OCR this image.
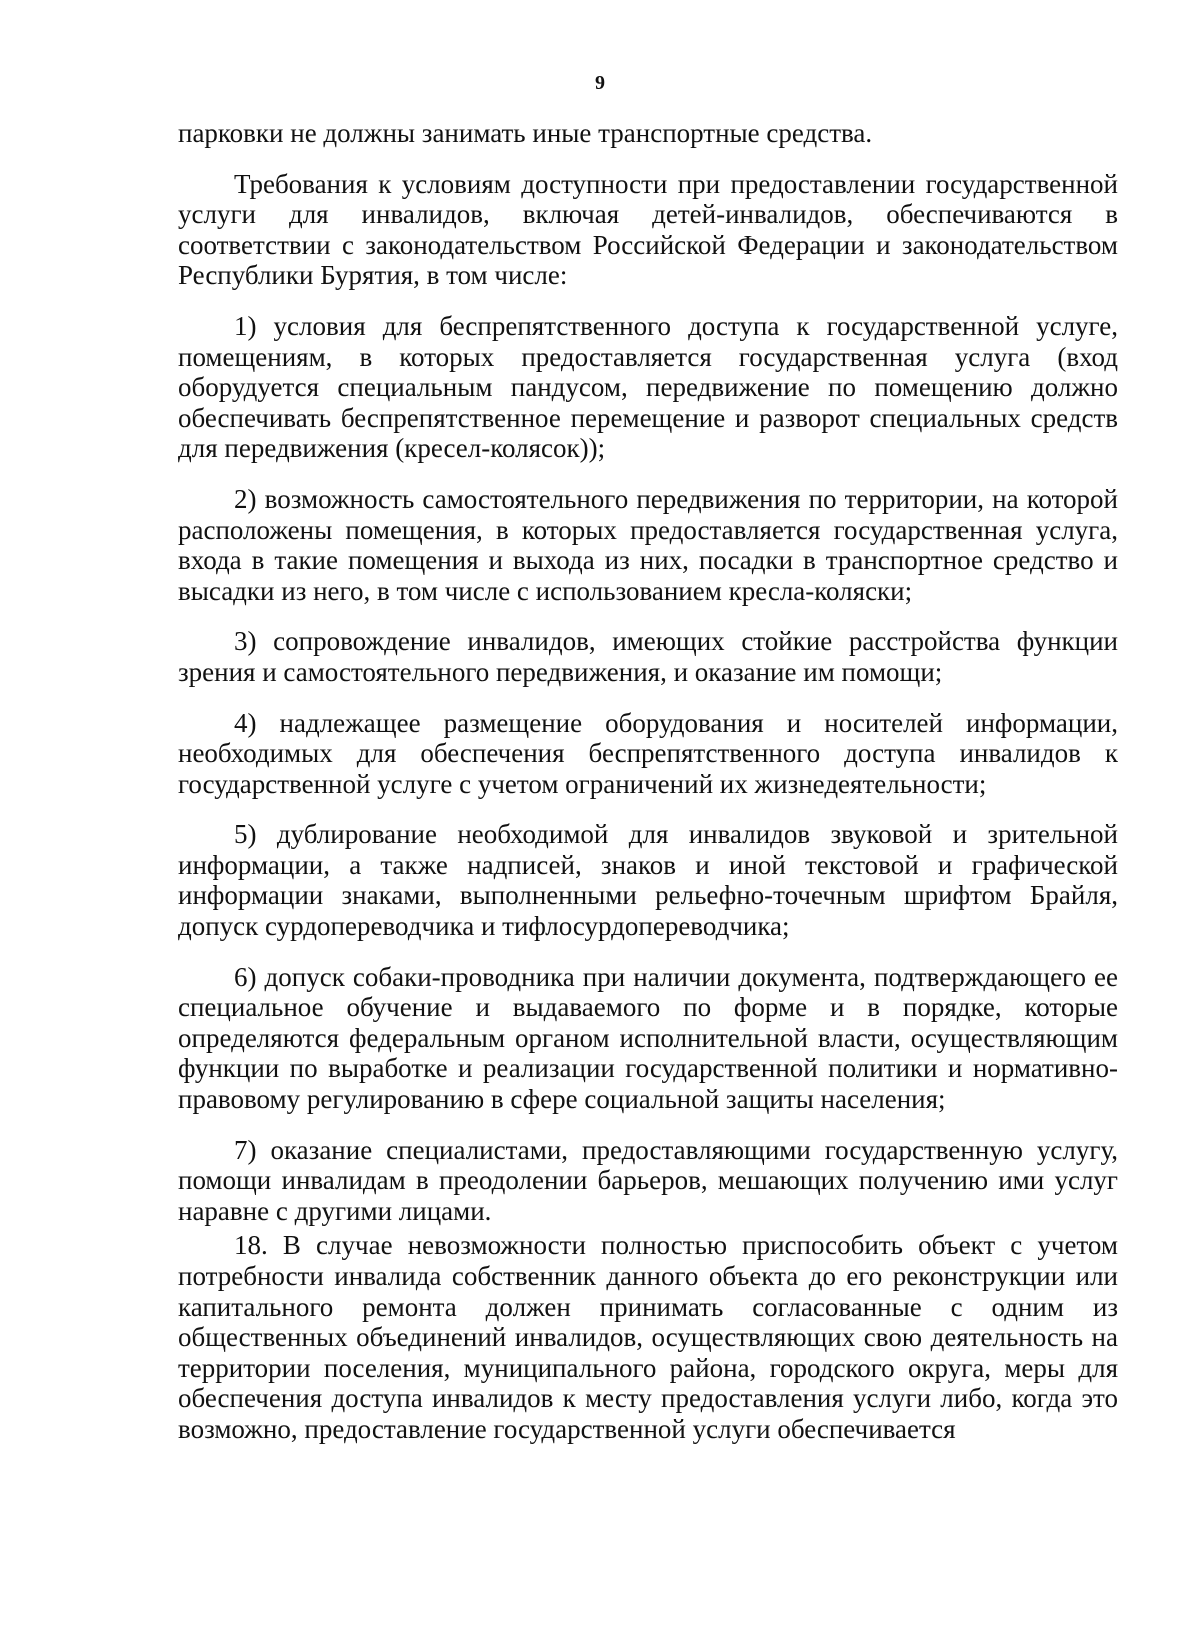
9

парковки не должны занимать иные транспортные средства.

Требования к условиям доступности при предоставлении государственной услуги для инвалидов, включая детей-инвалидов, обеспечиваются в соответствии с законодательством Российской Федерации и законодательством Республики Бурятия, в том числе:

1) условия для беспрепятственного доступа к государственной услуге, помещениям, в которых предоставляется государственная услуга (вход оборудуется специальным пандусом, передвижение по помещению должно обеспечивать беспрепятственное перемещение и разворот специальных средств для передвижения (кресел-колясок));

2) возможность самостоятельного передвижения по территории, на которой расположены помещения, в которых предоставляется государственная услуга, входа в такие помещения и выхода из них, посадки в транспортное средство и высадки из него, в том числе с использованием кресла-коляски;

3) сопровождение инвалидов, имеющих стойкие расстройства функции зрения и самостоятельного передвижения, и оказание им помощи;

4) надлежащее размещение оборудования и носителей информации, необходимых для обеспечения беспрепятственного доступа инвалидов к государственной услуге с учетом ограничений их жизнедеятельности;

5) дублирование необходимой для инвалидов звуковой и зрительной информации, а также надписей, знаков и иной текстовой и графической информации знаками, выполненными рельефно-точечным шрифтом Брайля, допуск сурдопереводчика и тифлосурдопереводчика;

6) допуск собаки-проводника при наличии документа, подтверждающего ее специальное обучение и выдаваемого по форме и в порядке, которые определяются федеральным органом исполнительной власти, осуществляющим функции по выработке и реализации государственной политики и нормативно-правовому регулированию в сфере социальной защиты населения;

7) оказание специалистами, предоставляющими государственную услугу, помощи инвалидам в преодолении барьеров, мешающих получению ими услуг наравне с другими лицами.

18. В случае невозможности полностью приспособить объект с учетом потребности инвалида собственник данного объекта до его реконструкции или капитального ремонта должен принимать согласованные с одним из общественных объединений инвалидов, осуществляющих свою деятельность на территории поселения, муниципального района, городского округа, меры для обеспечения доступа инвалидов к месту предоставления услуги либо, когда это возможно, предоставление государственной услуги обеспечивается
